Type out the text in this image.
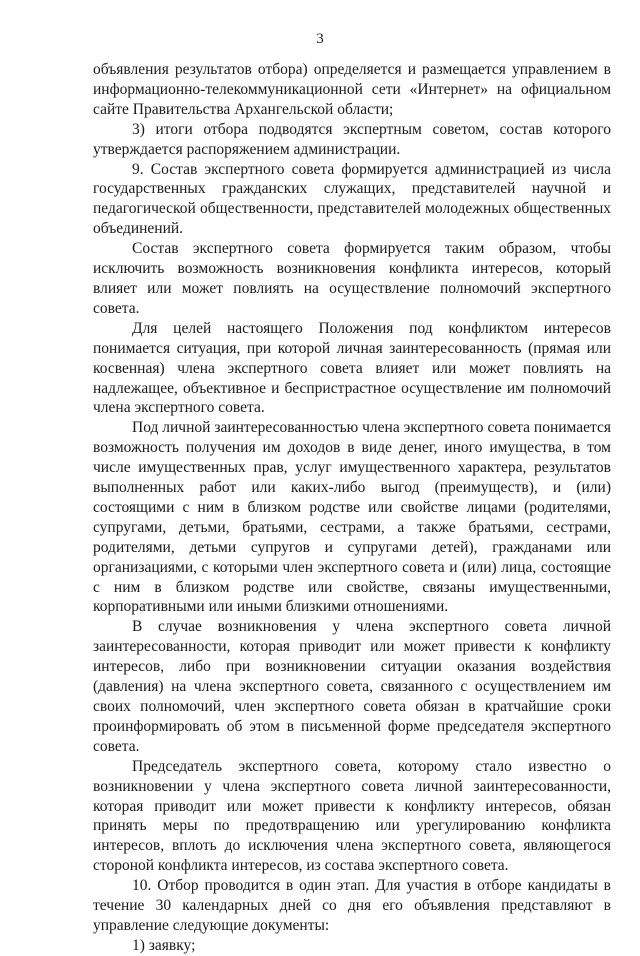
3

объявления результатов отбора) определяется и размещается управлением в информационно-телекоммуникационной сети «Интернет» на официальном сайте Правительства Архангельской области;

3) итоги отбора подводятся экспертным советом, состав которого утверждается распоряжением администрации.

9. Состав экспертного совета формируется администрацией из числа государственных гражданских служащих, представителей научной и педагогической общественности, представителей молодежных общественных объединений.

Состав экспертного совета формируется таким образом, чтобы исключить возможность возникновения конфликта интересов, который влияет или может повлиять на осуществление полномочий экспертного совета.

Для целей настоящего Положения под конфликтом интересов понимается ситуация, при которой личная заинтересованность (прямая или косвенная) члена экспертного совета влияет или может повлиять на надлежащее, объективное и беспристрастное осуществление им полномочий члена экспертного совета.

Под личной заинтересованностью члена экспертного совета понимается возможность получения им доходов в виде денег, иного имущества, в том числе имущественных прав, услуг имущественного характера, результатов выполненных работ или каких-либо выгод (преимуществ), и (или) состоящими с ним в близком родстве или свойстве лицами (родителями, супругами, детьми, братьями, сестрами, а также братьями, сестрами, родителями, детьми супругов и супругами детей), гражданами или организациями, с которыми член экспертного совета и (или) лица, состоящие с ним в близком родстве или свойстве, связаны имущественными, корпоративными или иными близкими отношениями.

В случае возникновения у члена экспертного совета личной заинтересованности, которая приводит или может привести к конфликту интересов, либо при возникновении ситуации оказания воздействия (давления) на члена экспертного совета, связанного с осуществлением им своих полномочий, член экспертного совета обязан в кратчайшие сроки проинформировать об этом в письменной форме председателя экспертного совета.

Председатель экспертного совета, которому стало известно о возникновении у члена экспертного совета личной заинтересованности, которая приводит или может привести к конфликту интересов, обязан принять меры по предотвращению или урегулированию конфликта интересов, вплоть до исключения члена экспертного совета, являющегося стороной конфликта интересов, из состава экспертного совета.

10. Отбор проводится в один этап. Для участия в отборе кандидаты в течение 30 календарных дней со дня его объявления представляют в управление следующие документы:

1) заявку;
